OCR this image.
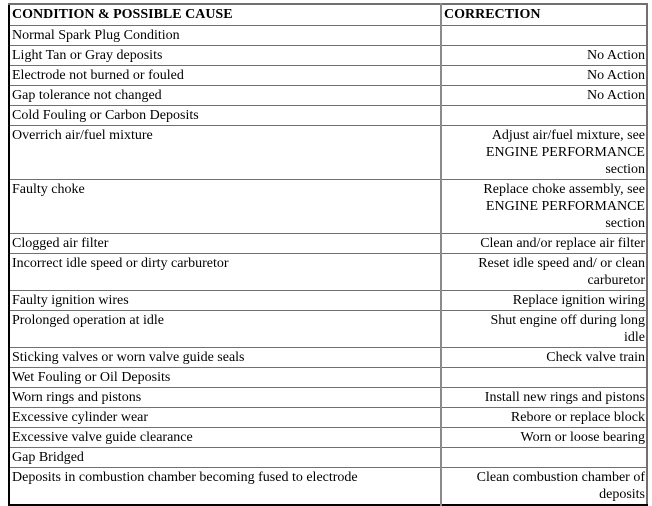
CONDITION & POSSIBLE CAUSE	CORRECTION
Normal Spark Plug Condition	
Light Tan or Gray deposits	No Action
Electrode not burned or fouled	No Action
Gap tolerance not changed	No Action
Cold Fouling or Carbon Deposits	
Overrich air/fuel mixture	Adjust air/fuel mixture, see
ENGINE PERFORMANCE
section

Faulty choke	Replace choke assembly, see
ENGINE PERFORMANCE
section

Clogged air filter	Clean and/or replace air filter
Incorrect idle speed or dirty carburetor	Reset idle speed and/ or clean
carburetor

Faulty ignition wires	Replace ignition wiring
Prolonged operation at idle	Shut engine off during long
idle

Sticking valves or worn valve guide seals	Check valve train
Wet Fouling or Oil Deposits	
Worn rings and pistons	Install new rings and pistons
Excessive cylinder wear	Rebore or replace block
Excessive valve guide clearance	Worn or loose bearing
Gap Bridged	
Deposits in combustion chamber becoming fused to electrode	Clean combustion chamber of
deposits
